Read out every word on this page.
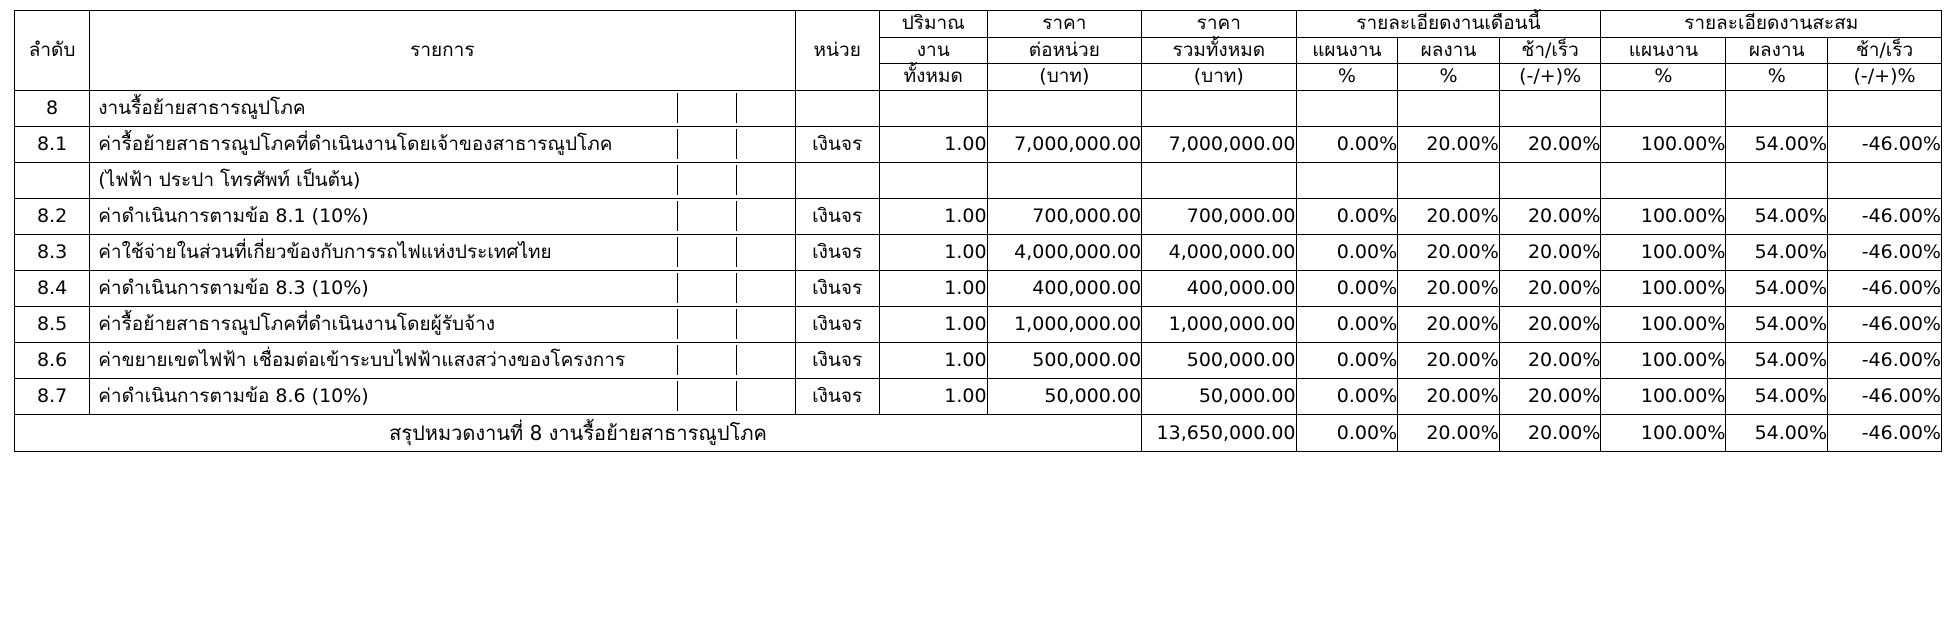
ลำดับ	รายการ	หน่วย	ปริมาณ	ราคา	ราคา	รายละเอียดงานเดือนนี้			รายละเอียดงานสะสม		
			งาน	ต่อหน่วย	รวมทั้งหมด	แผนงาน	ผลงาน	ช้า/เร็ว	แผนงาน	ผลงาน	ช้า/เร็ว
			ทั้งหมด	(บาท)	(บาท)	%	%	(-/+)%	%	%	(-/+)%
8	งานรื้อย้ายสาธารณูปโภค										

8.1	ค่ารื้อย้ายสาธารณูปโภคที่ดำเนินงานโดยเจ้าของสาธารณูปโภค	เงินจร	1.00	7,000,000.00	7,000,000.00	0.00%	20.00%	20.00%	100.00%	54.00%	-46.00%

(ไฟฟ้า ประปา โทรศัพท์ เป็นต้น)										

8.2	ค่าดำเนินการตามข้อ 8.1 (10%)	เงินจร	1.00	700,000.00	700,000.00	0.00%	20.00%	20.00%	100.00%	54.00%	-46.00%
8.3	ค่าใช้จ่ายในส่วนที่เกี่ยวข้องกับการรถไฟแห่งประเทศไทย	เงินจร	1.00	4,000,000.00	4,000,000.00	0.00%	20.00%	20.00%	100.00%	54.00%	-46.00%
8.4	ค่าดำเนินการตามข้อ 8.3 (10%)	เงินจร	1.00	400,000.00	400,000.00	0.00%	20.00%	20.00%	100.00%	54.00%	-46.00%
8.5	ค่ารื้อย้ายสาธารณูปโภคที่ดำเนินงานโดยผู้รับจ้าง	เงินจร	1.00	1,000,000.00	1,000,000.00	0.00%	20.00%	20.00%	100.00%	54.00%	-46.00%
8.6	ค่าขยายเขตไฟฟ้า เชื่อมต่อเข้าระบบไฟฟ้าแสงสว่างของโครงการ	เงินจร	1.00	500,000.00	500,000.00	0.00%	20.00%	20.00%	100.00%	54.00%	-46.00%
8.7	ค่าดำเนินการตามข้อ 8.6 (10%)	เงินจร	1.00	50,000.00	50,000.00	0.00%	20.00%	20.00%	100.00%	54.00%	-46.00%
สรุปหมวดงานที่ 8 งานรื้อย้ายสาธารณูปโภค					13,650,000.00	0.00%	20.00%	20.00%	100.00%	54.00%	-46.00%
